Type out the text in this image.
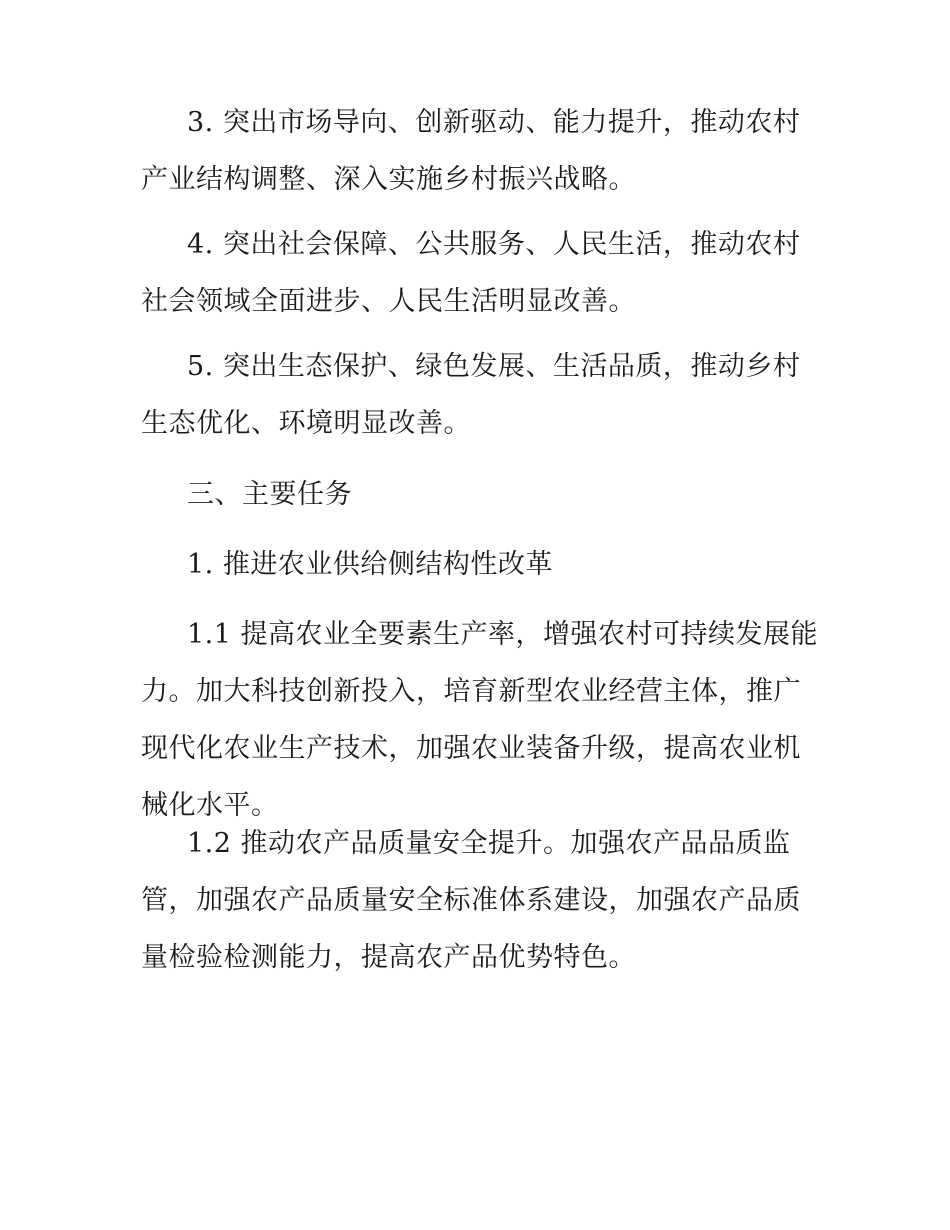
3. 突出市场导向、创新驱动、能力提升，推动农村产业结构调整、深入实施乡村振兴战略。

4. 突出社会保障、公共服务、人民生活，推动农村社会领域全面进步、人民生活明显改善。

5. 突出生态保护、绿色发展、生活品质，推动乡村生态优化、环境明显改善。

三、主要任务

1. 推进农业供给侧结构性改革

1.1 提高农业全要素生产率，增强农村可持续发展能力。加大科技创新投入，培育新型农业经营主体，推广现代化农业生产技术，加强农业装备升级，提高农业机械化水平。

1.2 推动农产品质量安全提升。加强农产品品质监管，加强农产品质量安全标准体系建设，加强农产品质量检验检测能力，提高农产品优势特色。
